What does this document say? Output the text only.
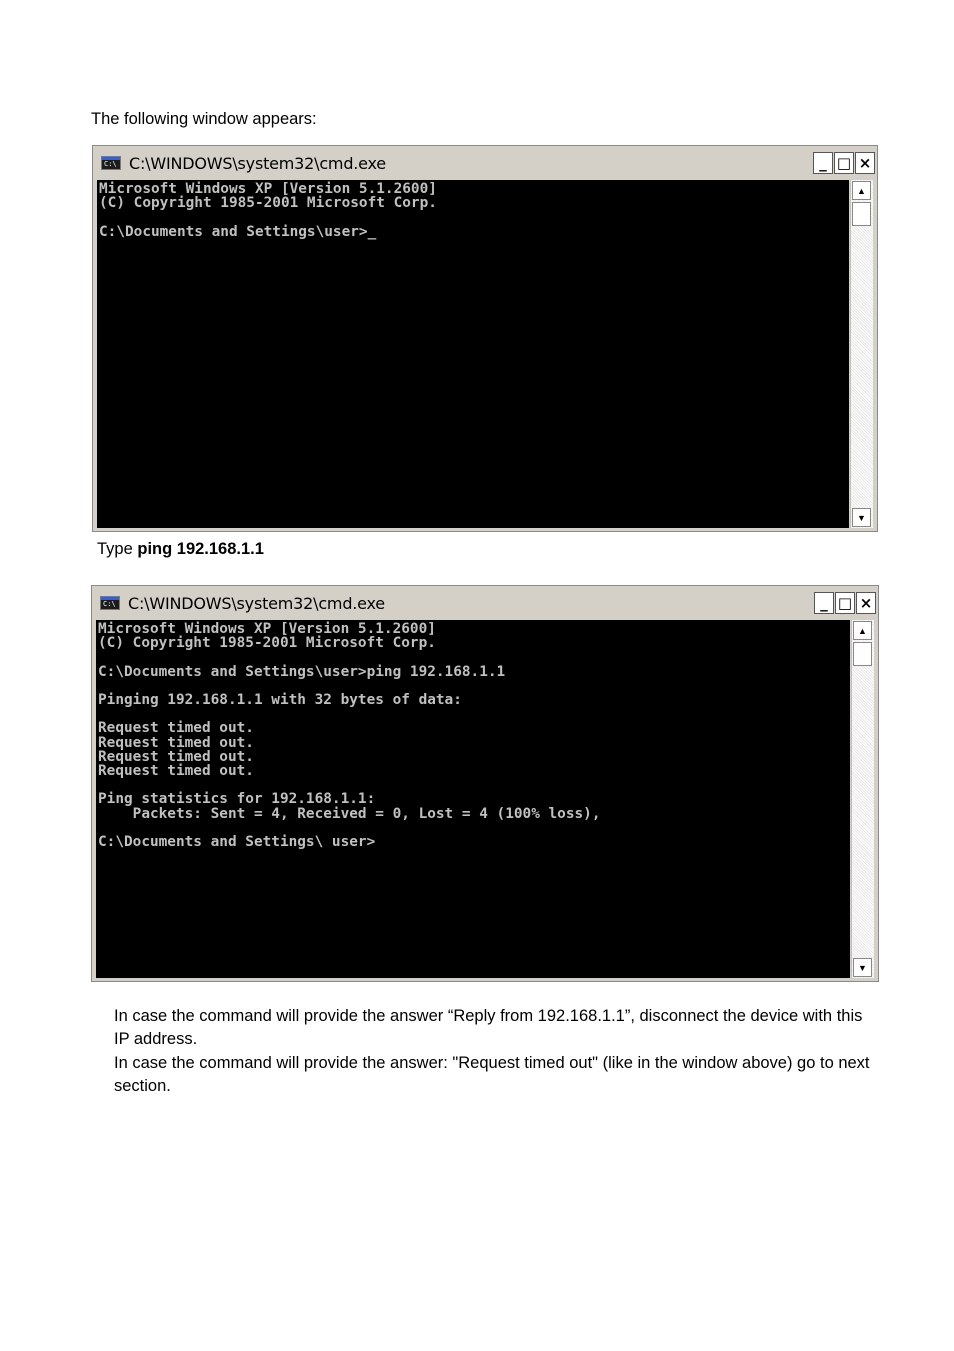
The following window appears:

C:\ C:\WINDOWS\system32\cmd.exe	_ □ ×
Microsoft Windows XP [Version 5.1.2600]
(C) Copyright 1985-2001 Microsoft Corp.

C:\Documents and Settings\user>_
▲
▼

Type ping 192.168.1.1

C:\ C:\WINDOWS\system32\cmd.exe	_ □ ×
Microsoft Windows XP [Version 5.1.2600]
(C) Copyright 1985-2001 Microsoft Corp.

C:\Documents and Settings\user>ping 192.168.1.1

Pinging 192.168.1.1 with 32 bytes of data:

Request timed out.
Request timed out.
Request timed out.
Request timed out.

Ping statistics for 192.168.1.1:
Packets: Sent = 4, Received = 0, Lost = 4 (100% loss),

C:\Documents and Settings\ user>
▲
▼

In case the command will provide the answer “Reply from 192.168.1.1”, disconnect the device with this IP address.

In case the command will provide the answer: "Request timed out" (like in the window above) go to next section.
